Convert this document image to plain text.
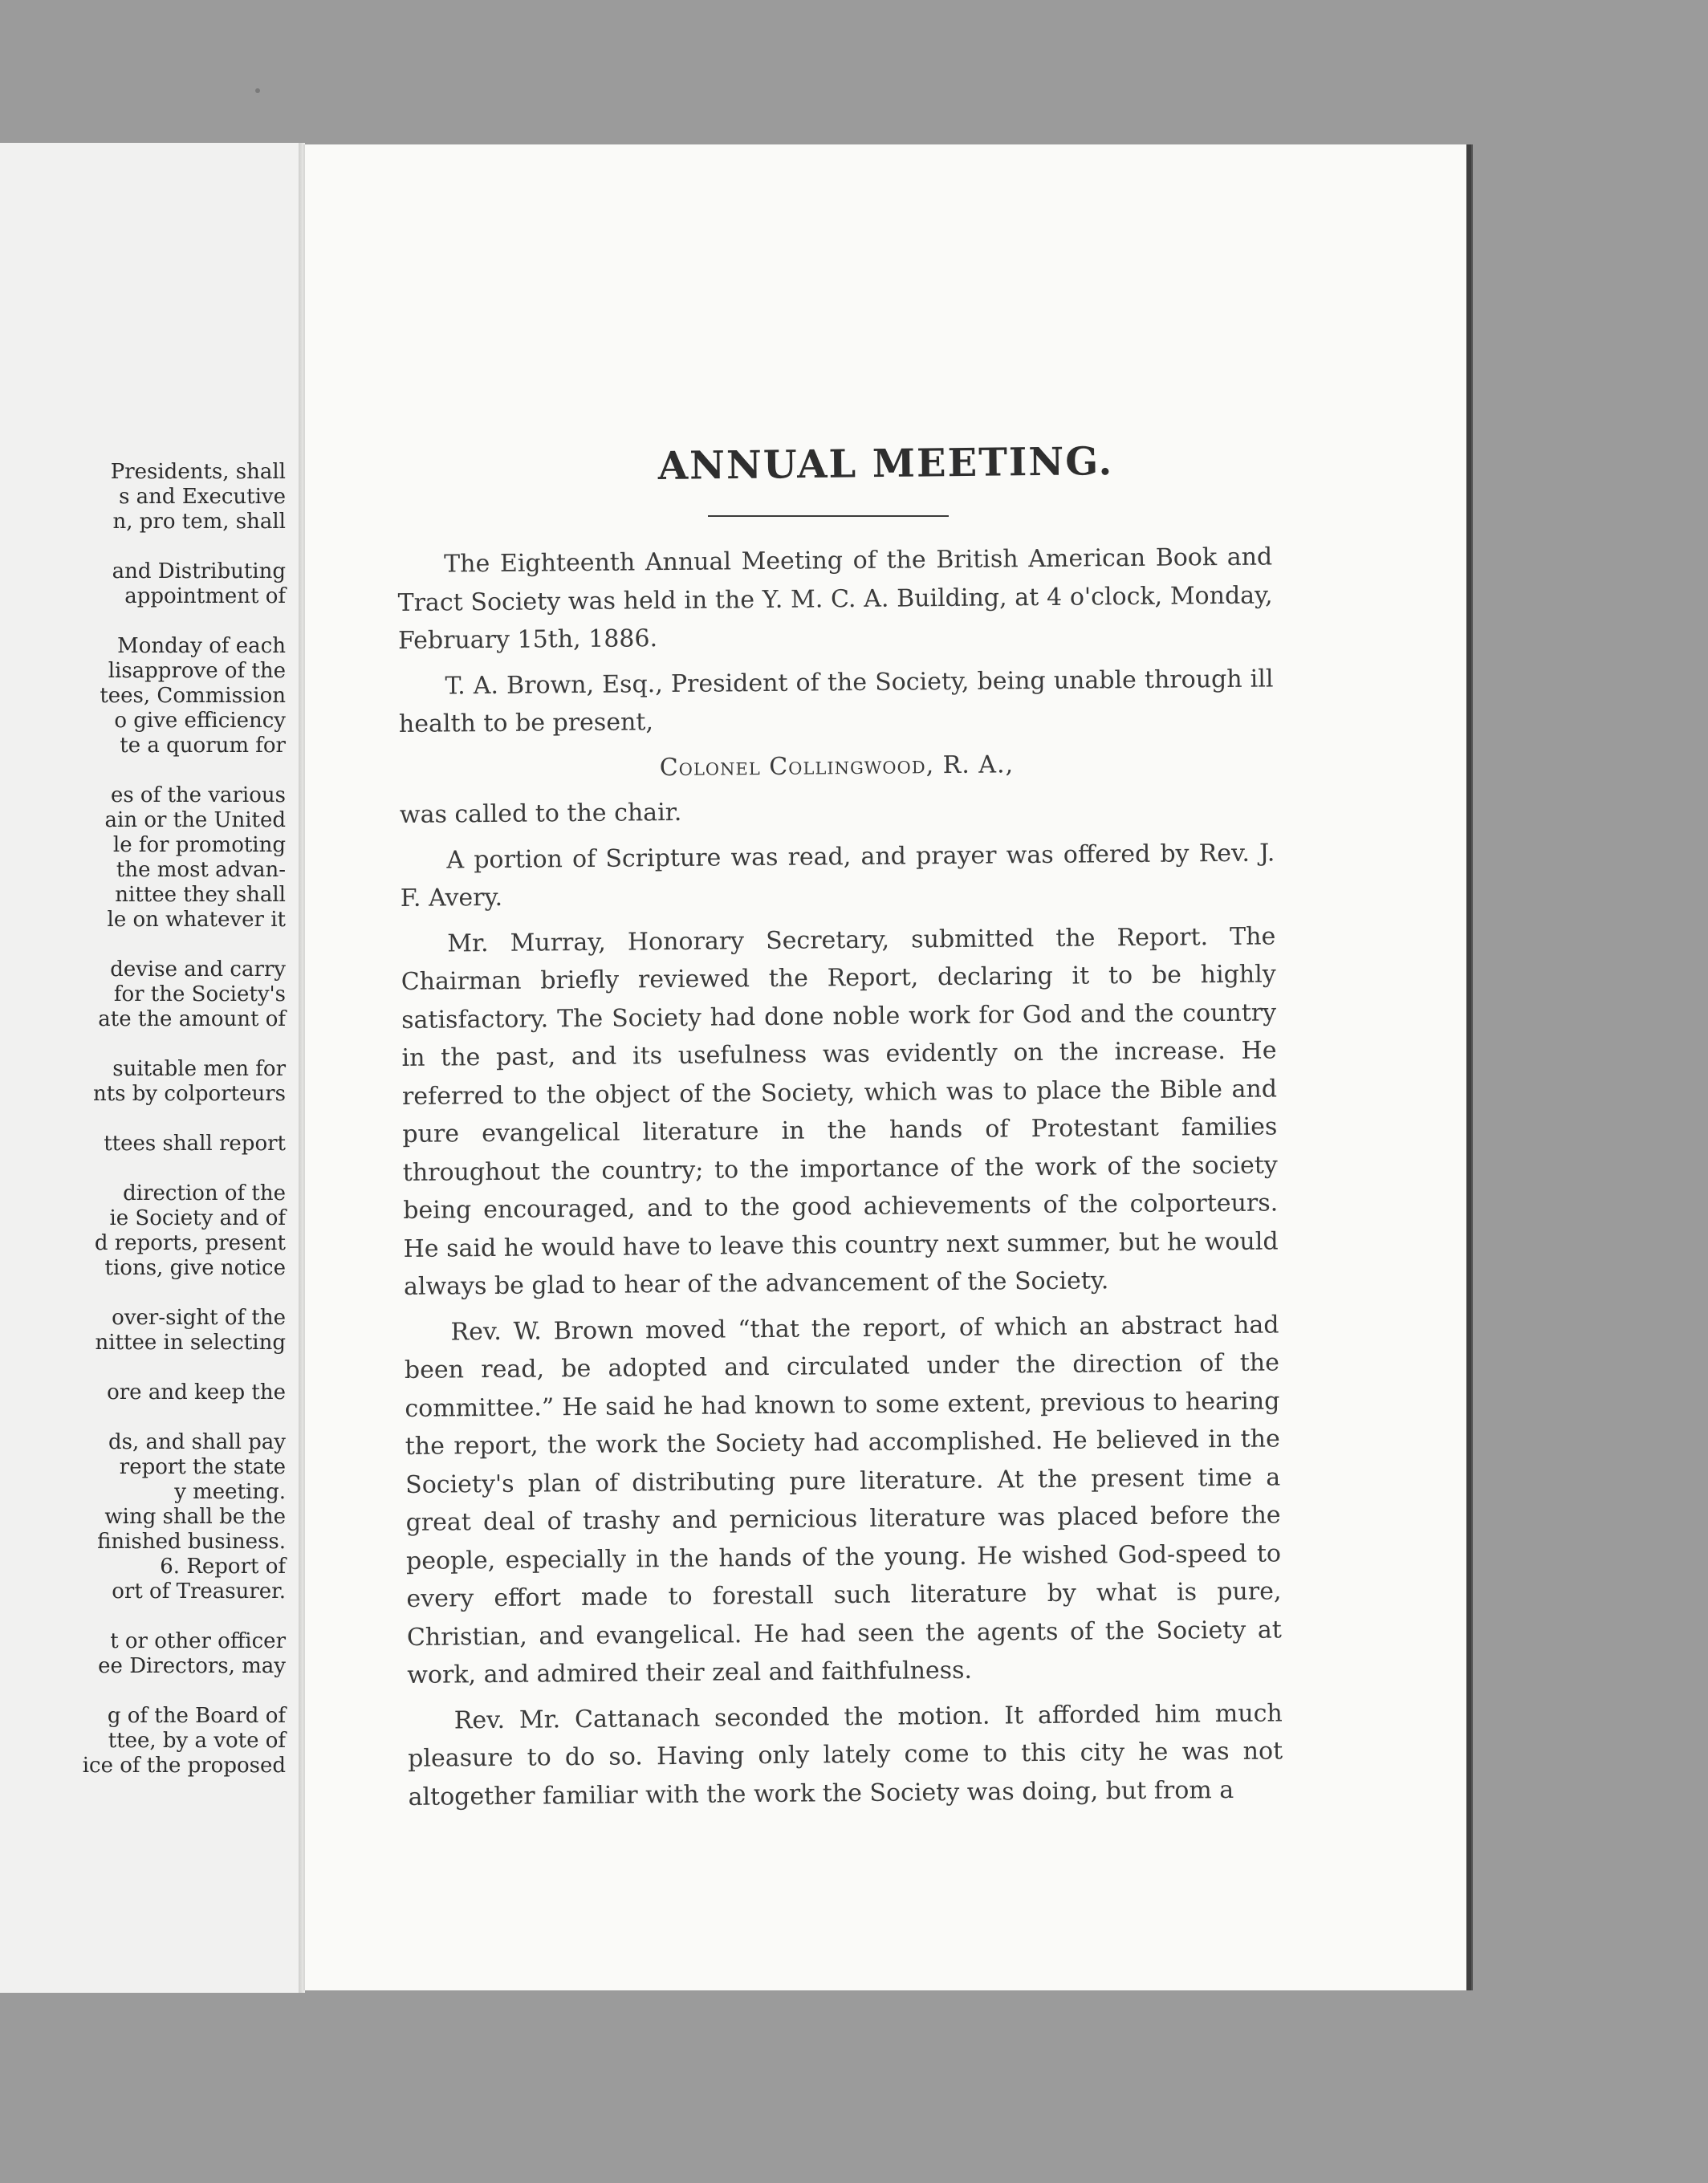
Presidents, shall
s and Executive
n, pro tem, shall
and Distributing
appointment of
Monday of each
lisapprove of the
tees, Commission
o give efficiency
te a quorum for
es of the various
ain or the United
le for promoting
the most advan-
nittee they shall
le on whatever it
devise and carry
for the Society's
ate the amount of
suitable men for
nts by colporteurs
ttees shall report
direction of the
ie Society and of
d reports, present
tions, give notice
over-sight of the
nittee in selecting
ore and keep the
ds, and shall pay
report the state
y meeting.
wing shall be the
finished business.
6. Report of
ort of Treasurer.
t or other officer
ee Directors, may
g of the Board of
ttee, by a vote of
ice of the proposed
ANNUAL MEETING.

The Eighteenth Annual Meeting of the British American Book and Tract Society was held in the Y. M. C. A. Building, at 4 o'clock, Monday, February 15th, 1886.

T. A. Brown, Esq., President of the Society, being unable through ill health to be present,

Colonel Collingwood, R. A.,

was called to the chair.

A portion of Scripture was read, and prayer was offered by Rev. J. F. Avery.

Mr. Murray, Honorary Secretary, submitted the Report. The Chairman briefly reviewed the Report, declaring it to be highly satisfactory. The Society had done noble work for God and the country in the past, and its usefulness was evidently on the increase. He referred to the object of the Society, which was to place the Bible and pure evangelical literature in the hands of Protestant families throughout the country; to the importance of the work of the society being encouraged, and to the good achievements of the colporteurs. He said he would have to leave this country next summer, but he would always be glad to hear of the advancement of the Society.

Rev. W. Brown moved “that the report, of which an abstract had been read, be adopted and circulated under the direction of the committee.” He said he had known to some extent, previous to hearing the report, the work the Society had accomplished. He believed in the Society's plan of distributing pure literature. At the present time a great deal of trashy and pernicious literature was placed before the people, especially in the hands of the young. He wished God-speed to every effort made to forestall such literature by what is pure, Christian, and evangelical. He had seen the agents of the Society at work, and admired their zeal and faithfulness.

Rev. Mr. Cattanach seconded the motion. It afforded him much pleasure to do so. Having only lately come to this city he was not altogether familiar with the work the Society was doing, but from a
